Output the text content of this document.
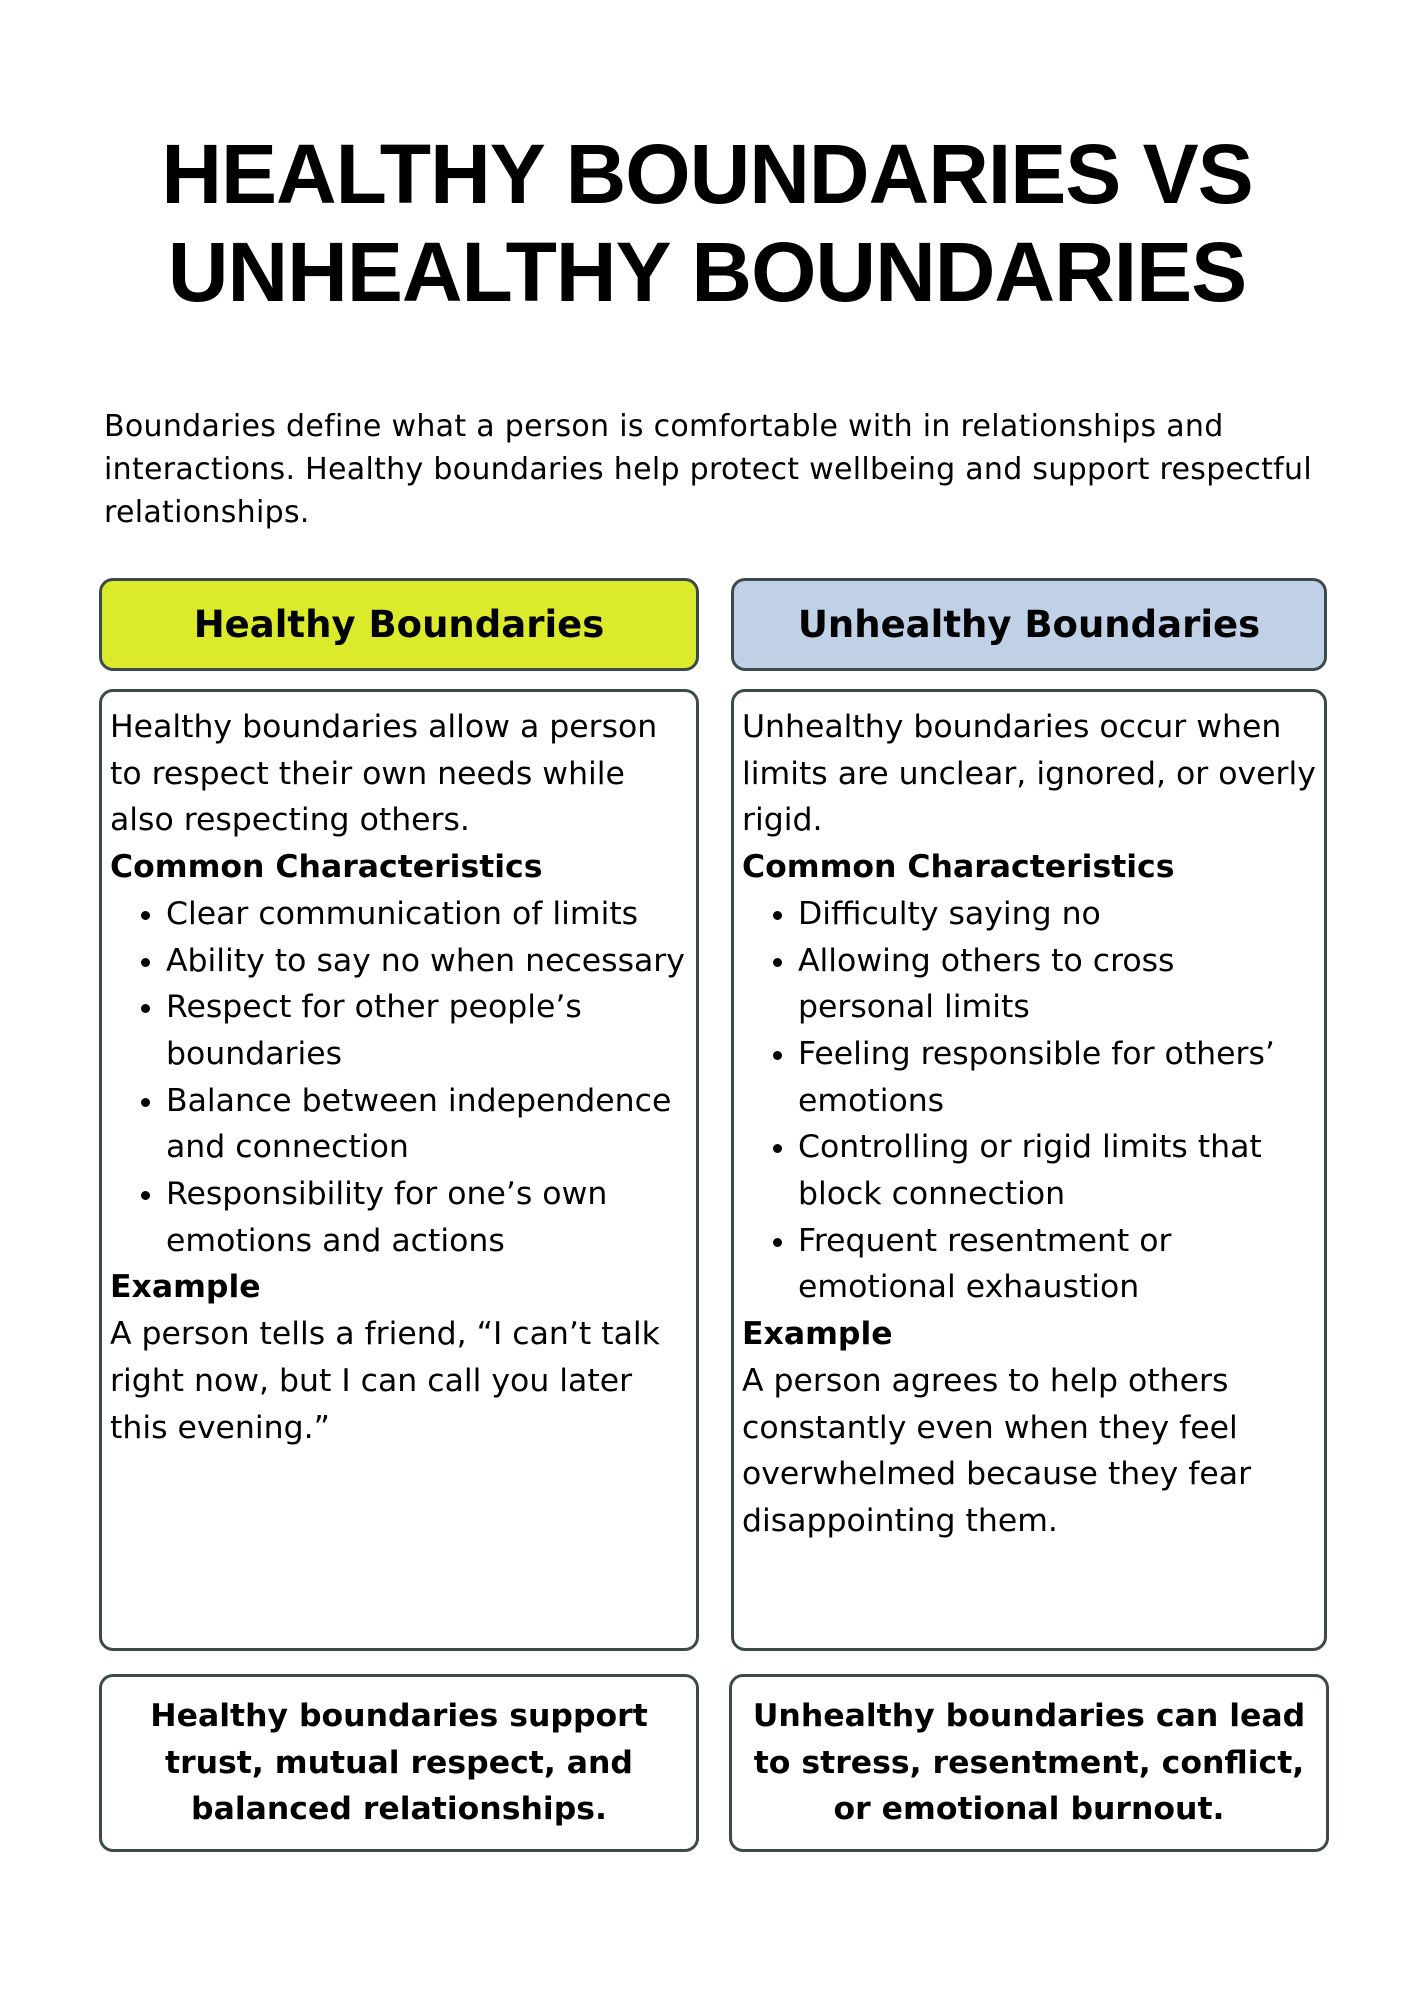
HEALTHY BOUNDARIES VS
UNHEALTHY BOUNDARIES
Boundaries define what a person is comfortable with in relationships and interactions. Healthy boundaries help protect wellbeing and support respectful relationships.
Healthy Boundaries	Unhealthy Boundaries

Healthy boundaries allow a person to respect their own needs while also respecting others.

Common Characteristics

• Clear communication of limits
• Ability to say no when necessary
• Respect for other people’s boundaries
• Balance between independence and connection
• Responsibility for one’s own emotions and actions

Example

A person tells a friend, “I can’t talk right now, but I can call you later this evening.”

Unhealthy boundaries occur when limits are unclear, ignored, or overly rigid.

Common Characteristics

• Difficulty saying no
• Allowing others to cross personal limits
• Feeling responsible for others’ emotions
• Controlling or rigid limits that block connection
• Frequent resentment or emotional exhaustion

Example

A person agrees to help others constantly even when they feel overwhelmed because they fear disappointing them.

Healthy boundaries support trust, mutual respect, and balanced relationships.
Unhealthy boundaries can lead to stress, resentment, conflict, or emotional burnout.
